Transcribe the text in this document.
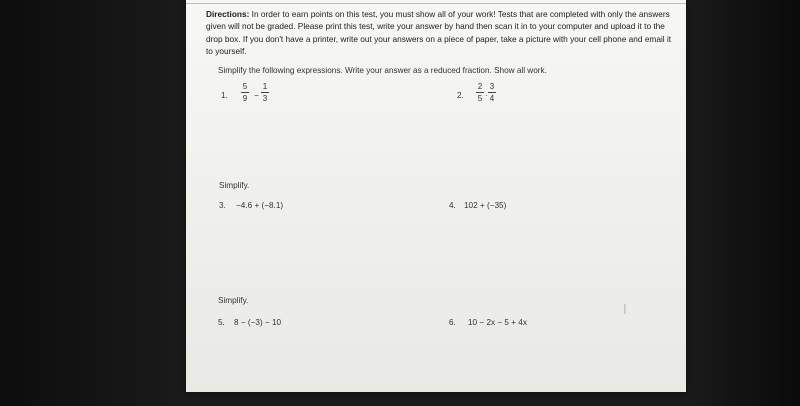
Directions: In order to earn points on this test, you must show all of your work! Tests that are completed with only the answers given will not be graded. Please print this test, write your answer by hand then scan it in to your computer and upload it to the drop box. If you don't have a printer, write out your answers on a piece of paper, take a picture with your cell phone and email it to yourself.
Simplify the following expressions. Write your answer as a reduced fraction. Show all work.
1.
5
9 −
1
3	2.
2
5 ·
3
4
Simplify.
3. −4.6 + (−8.1)	4. 102 + (−35)
Simplify.
5. 8 − (−3) − 10	6. 10 − 2x − 5 + 4x
I
